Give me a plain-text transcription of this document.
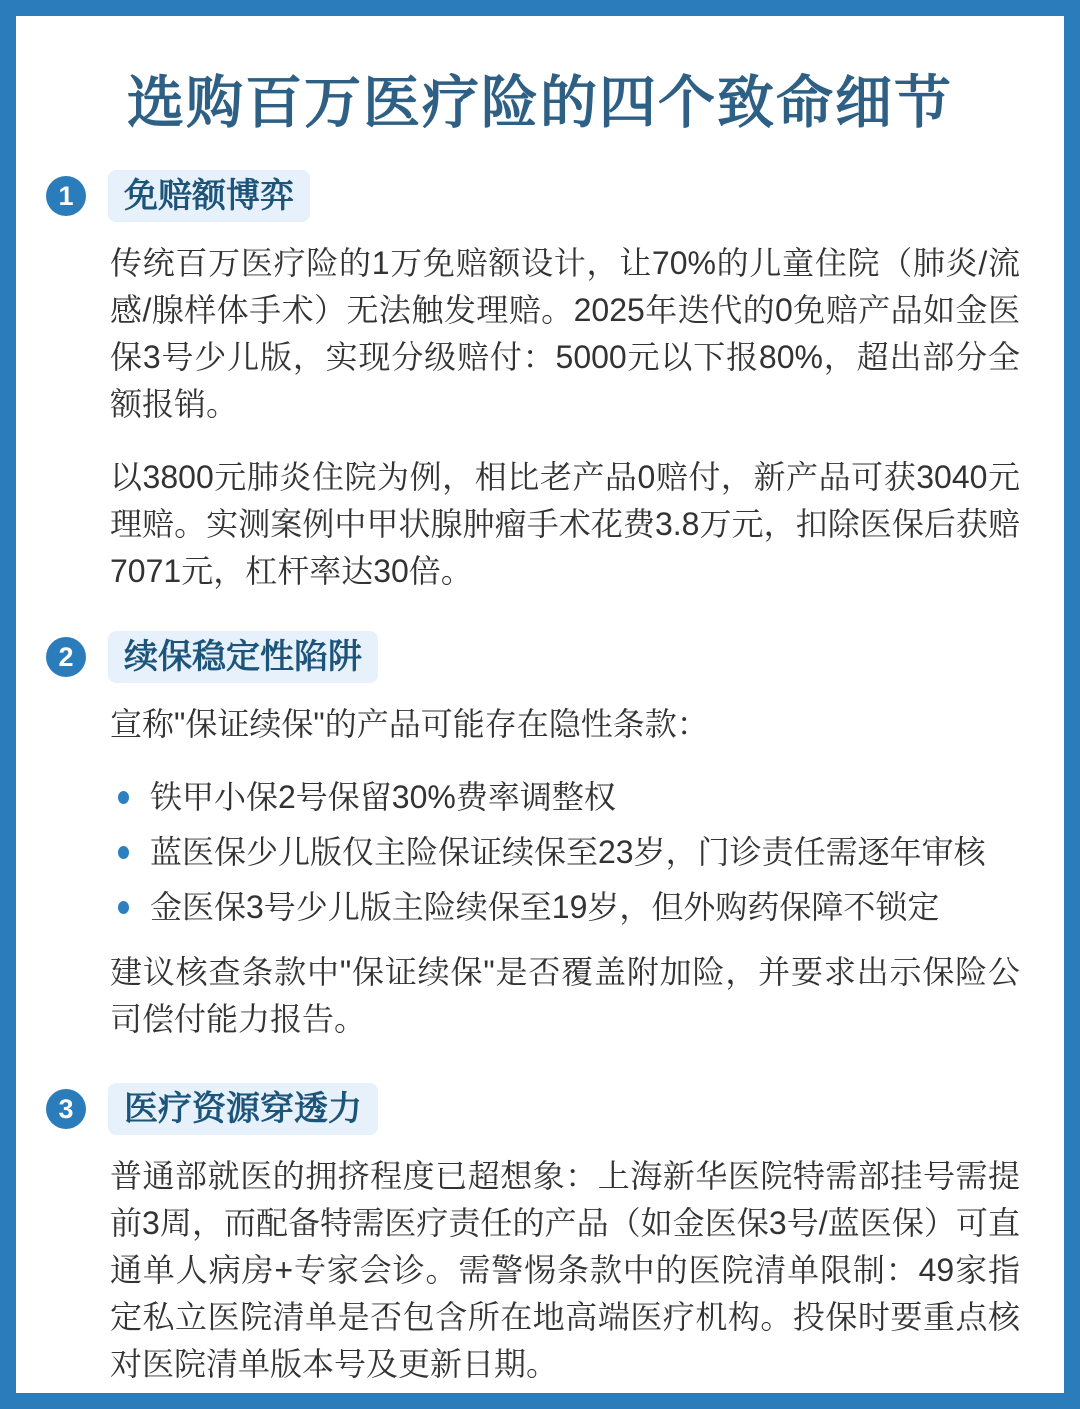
选购百万医疗险的四个致命细节
1	免赔额博弈

传统百万医疗险的1万免赔额设计，让70%的儿童住院（肺炎/流感/腺样体手术）无法触发理赔。2025年迭代的0免赔产品如金医保3号少儿版，实现分级赔付：5000元以下报80%，超出部分全额报销。

以3800元肺炎住院为例，相比老产品0赔付，新产品可获3040元理赔。实测案例中甲状腺肿瘤手术花费3.8万元，扣除医保后获赔7071元，杠杆率达30倍。

2	续保稳定性陷阱

宣称"保证续保"的产品可能存在隐性条款：

铁甲小保2号保留30%费率调整权
蓝医保少儿版仅主险保证续保至23岁，门诊责任需逐年审核
金医保3号少儿版主险续保至19岁，但外购药保障不锁定

建议核查条款中"保证续保"是否覆盖附加险，并要求出示保险公司偿付能力报告。

3	医疗资源穿透力

普通部就医的拥挤程度已超想象：上海新华医院特需部挂号需提前3周，而配备特需医疗责任的产品（如金医保3号/蓝医保）可直通单人病房+专家会诊。需警惕条款中的医院清单限制：49家指定私立医院清单是否包含所在地高端医疗机构。投保时要重点核对医院清单版本号及更新日期。
